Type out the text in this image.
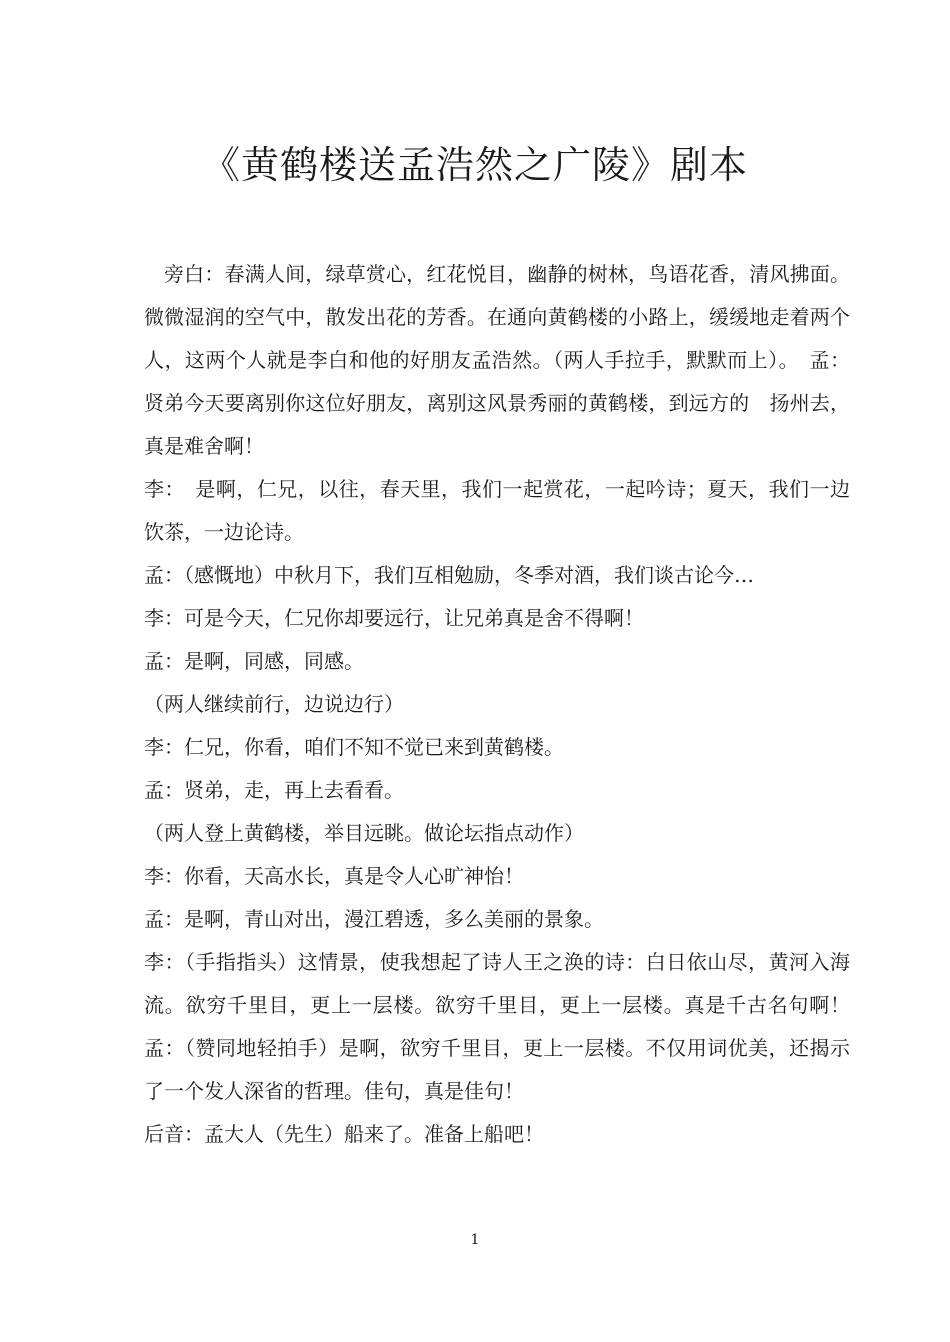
《黄鹤楼送孟浩然之广陵》剧本

旁白：春满人间，绿草赏心，红花悦目，幽静的树林，鸟语花香，清风拂面。微微湿润的空气中，散发出花的芳香。在通向黄鹤楼的小路上，缓缓地走着两个人，这两个人就是李白和他的好朋友孟浩然。（两人手拉手，默默而上）。　孟：贤弟今天要离别你这位好朋友，离别这风景秀丽的黄鹤楼，到远方的　扬州去，真是难舍啊！

李：　是啊，仁兄，以往，春天里，我们一起赏花，一起吟诗；夏天，我们一边饮茶，一边论诗。

孟：（感慨地）中秋月下，我们互相勉励，冬季对酒，我们谈古论今…

李：可是今天，仁兄你却要远行，让兄弟真是舍不得啊！

孟：是啊，同感，同感。

（两人继续前行，边说边行）

李：仁兄，你看，咱们不知不觉已来到黄鹤楼。

孟：贤弟，走，再上去看看。

（两人登上黄鹤楼，举目远眺。做论坛指点动作）

李：你看，天高水长，真是令人心旷神怡！

孟：是啊，青山对出，漫江碧透，多么美丽的景象。

李：（手指指头）这情景，使我想起了诗人王之涣的诗：白日依山尽，黄河入海流。欲穷千里目，更上一层楼。欲穷千里目，更上一层楼。真是千古名句啊！孟：（赞同地轻拍手）是啊，欲穷千里目，更上一层楼。不仅用词优美，还揭示了一个发人深省的哲理。佳句，真是佳句！

后音：孟大人（先生）船来了。准备上船吧！

1
